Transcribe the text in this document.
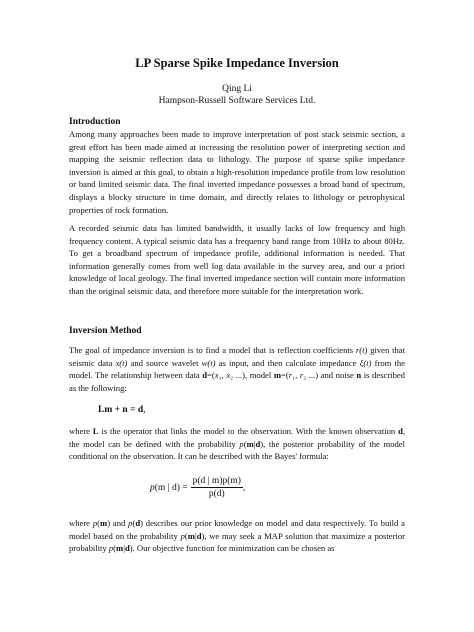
LP Sparse Spike Impedance Inversion
Qing Li
Hampson-Russell Software Services Ltd.
Introduction

Among many approaches been made to improve interpretation of post stack seismic section, a great effort has been made aimed at increasing the resolution power of interpreting section and mapping the seismic reflection data to lithology. The purpose of sparse spike impedance inversion is aimed at this goal, to obtain a high-resolution impedance profile from low resolution or band limited seismic data. The final inverted impedance possesses a broad band of spectrum, displays a blocky structure in time domain, and directly relates to lithology or petrophysical properties of rock formation.

A recorded seismic data has limited bandwidth, it usually lacks of low frequency and high frequency content. A typical seismic data has a frequency band range from 10Hz to about 80Hz. To get a broadband spectrum of impedance profile, additional information is needed. That information generally comes from well log data available in the survey area, and our a priori knowledge of local geology. The final inverted impedance section will contain more information than the original seismic data, and therefore more suitable for the interpretation work.

Inversion Method

The goal of impedance inversion is to find a model that is reflection coefficients r(t) given that seismic data x(t) and source wavelet w(t) as input, and then calculate impedance ξ(t) from the model. The relationship between data d=(x₁, x₂ ...), model m=(r₁, r₂ ...) and noise n is described as the following:

Lm + n = d,

where L is the operator that links the model to the observation. With the known observation d, the model can be defined with the probability p(m|d), the posterior probability of the model conditional on the observation. It can be described with the Bayes' formula:

p (m | $d) = \frac{p(d | m)p(m)}{p(d)}$ ,

where p(m) and p(d) describes our prior knowledge on model and data respectively. To build a model based on the probability p(m|d), we may seek a MAP solution that maximize a posterior probability p(m|d). Our objective function for minimization can be chosen as
